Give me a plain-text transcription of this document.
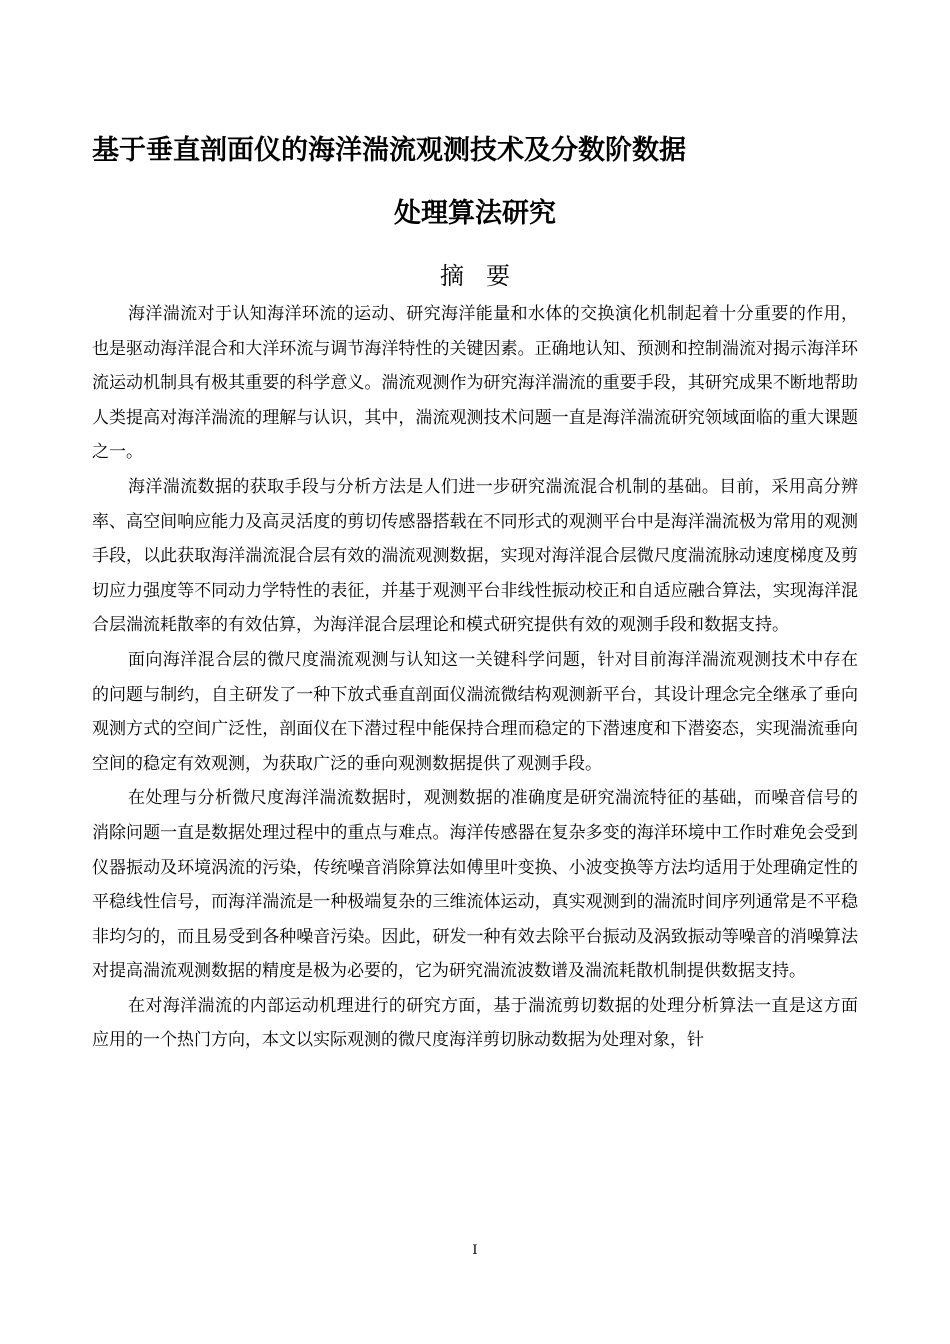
基于垂直剖面仪的海洋湍流观测技术及分数阶数据
处理算法研究
摘要

海洋湍流对于认知海洋环流的运动、研究海洋能量和水体的交换演化机制起着十分重要的作用，也是驱动海洋混合和大洋环流与调节海洋特性的关键因素。正确地认知、预测和控制湍流对揭示海洋环流运动机制具有极其重要的科学意义。湍流观测作为研究海洋湍流的重要手段，其研究成果不断地帮助人类提高对海洋湍流的理解与认识，其中，湍流观测技术问题一直是海洋湍流研究领域面临的重大课题之一。

海洋湍流数据的获取手段与分析方法是人们进一步研究湍流混合机制的基础。目前，采用高分辨率、高空间响应能力及高灵活度的剪切传感器搭载在不同形式的观测平台中是海洋湍流极为常用的观测手段，以此获取海洋湍流混合层有效的湍流观测数据，实现对海洋混合层微尺度湍流脉动速度梯度及剪切应力强度等不同动力学特性的表征，并基于观测平台非线性振动校正和自适应融合算法，实现海洋混合层湍流耗散率的有效估算，为海洋混合层理论和模式研究提供有效的观测手段和数据支持。

面向海洋混合层的微尺度湍流观测与认知这一关键科学问题，针对目前海洋湍流观测技术中存在的问题与制约，自主研发了一种下放式垂直剖面仪湍流微结构观测新平台，其设计理念完全继承了垂向观测方式的空间广泛性，剖面仪在下潜过程中能保持合理而稳定的下潜速度和下潜姿态，实现湍流垂向空间的稳定有效观测，为获取广泛的垂向观测数据提供了观测手段。

在处理与分析微尺度海洋湍流数据时，观测数据的准确度是研究湍流特征的基础，而噪音信号的消除问题一直是数据处理过程中的重点与难点。海洋传感器在复杂多变的海洋环境中工作时难免会受到仪器振动及环境涡流的污染，传统噪音消除算法如傅里叶变换、小波变换等方法均适用于处理确定性的平稳线性信号，而海洋湍流是一种极端复杂的三维流体运动，真实观测到的湍流时间序列通常是不平稳非均匀的，而且易受到各种噪音污染。因此，研发一种有效去除平台振动及涡致振动等噪音的消噪算法对提高湍流观测数据的精度是极为必要的，它为研究湍流波数谱及湍流耗散机制提供数据支持。

在对海洋湍流的内部运动机理进行的研究方面，基于湍流剪切数据的处理分析算法一直是这方面应用的一个热门方向，本文以实际观测的微尺度海洋剪切脉动数据为处理对象，针

I
